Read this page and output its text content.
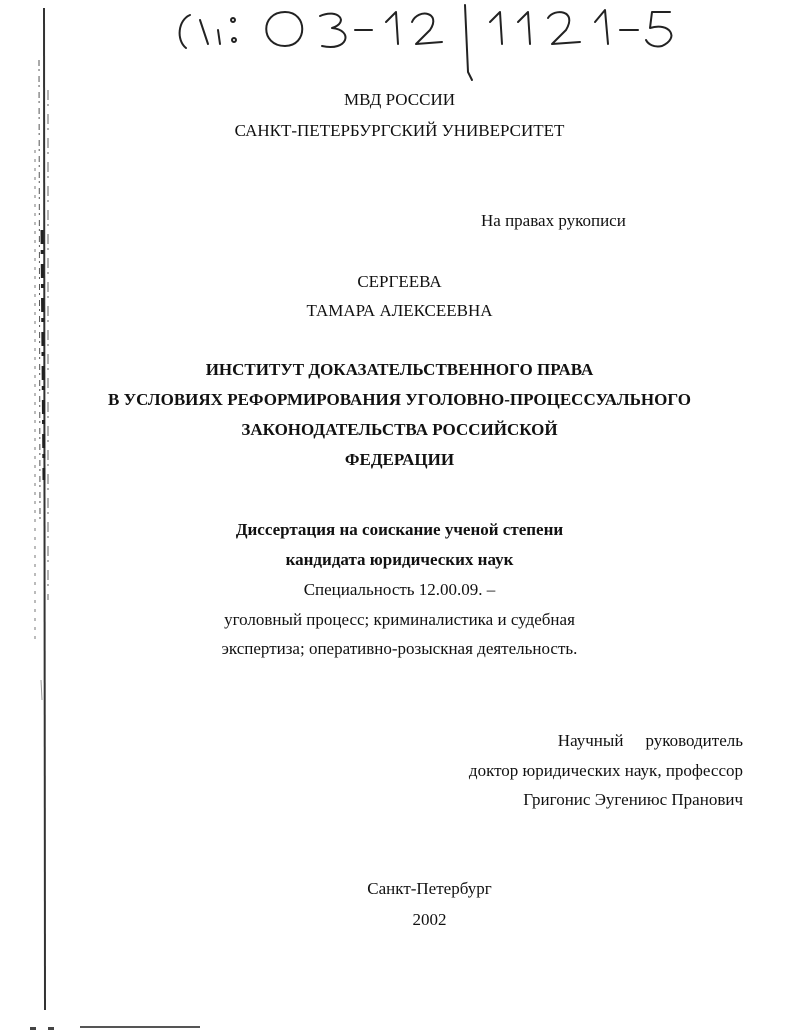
МВД РОССИИ
САНКТ-ПЕТЕРБУРГСКИЙ УНИВЕРСИТЕТ
На правах рукописи
СЕРГЕЕВА
ТАМАРА АЛЕКСЕЕВНА
ИНСТИТУТ ДОКАЗАТЕЛЬСТВЕННОГО ПРАВА
В УСЛОВИЯХ РЕФОРМИРОВАНИЯ УГОЛОВНО-ПРОЦЕССУАЛЬНОГО
ЗАКОНОДАТЕЛЬСТВА РОССИЙСКОЙ
ФЕДЕРАЦИИ
Диссертация на соискание ученой степени
кандидата юридических наук
Специальность 12.00.09. –
уголовный процесс; криминалистика и судебная
экспертиза; оперативно-розыскная деятельность.
Научный руководитель
доктор юридических наук, профессор
Григонис Эугениюс Пранович
Санкт-Петербург
2002
